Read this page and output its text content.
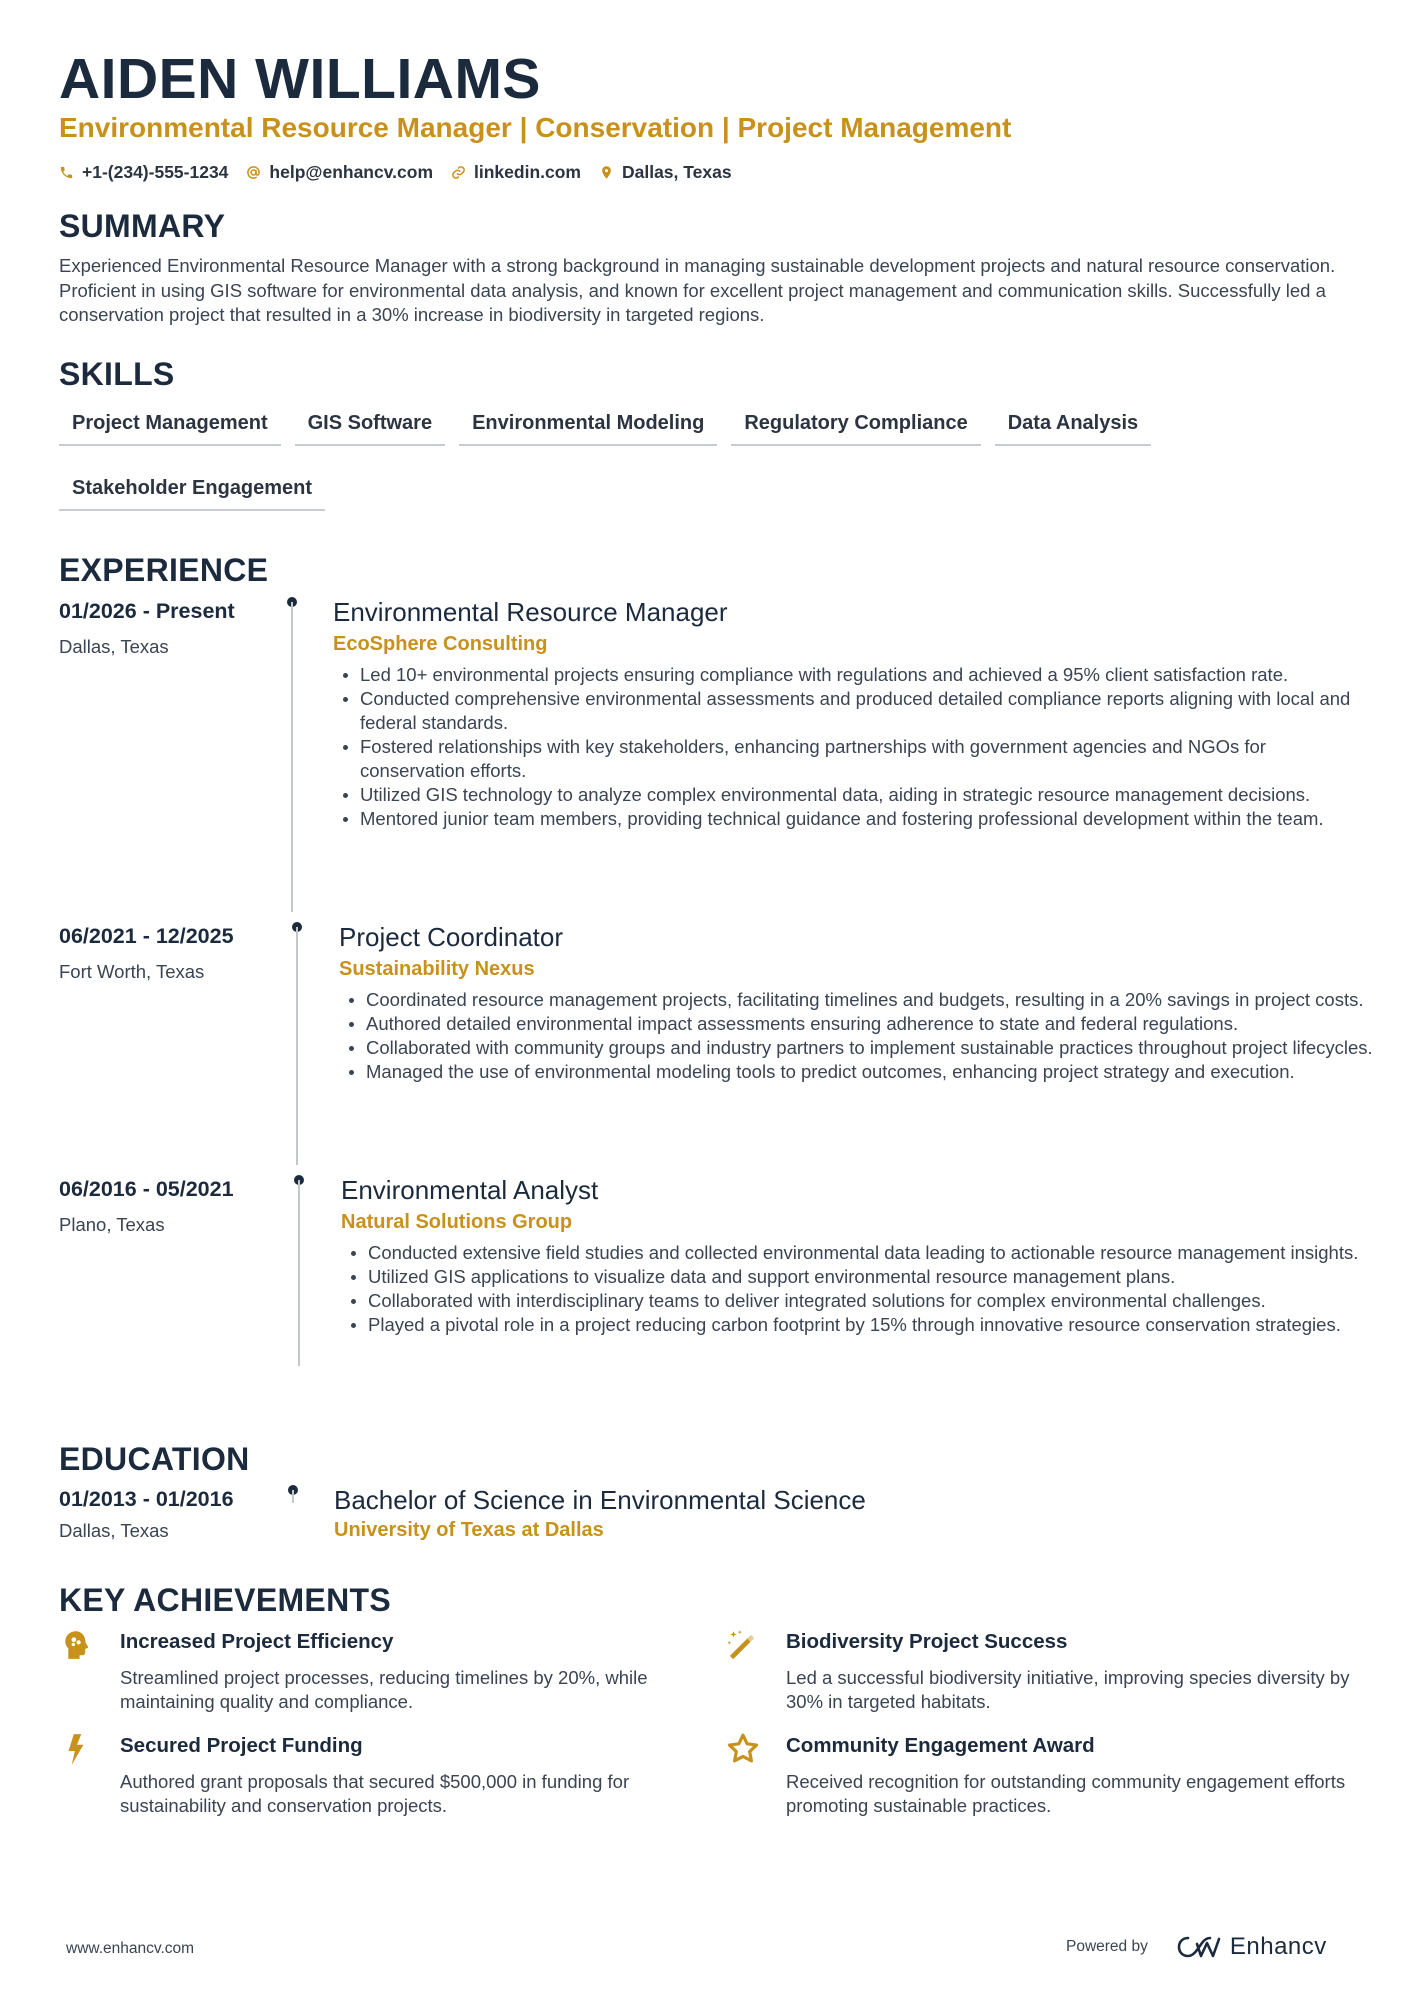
AIDEN WILLIAMS
Environmental Resource Manager | Conservation | Project Management
+1-(234)-555-1234 help@enhancv.com linkedin.com Dallas, Texas
SUMMARY
Experienced Environmental Resource Manager with a strong background in managing sustainable development projects and natural resource conservation. Proficient in using GIS software for environmental data analysis, and known for excellent project management and communication skills. Successfully led a conservation project that resulted in a 30% increase in biodiversity in targeted regions.
SKILLS
Project Management	GIS Software	Environmental Modeling	Regulatory Compliance	Data Analysis
Stakeholder Engagement
EXPERIENCE
01/2026 - Present
Dallas, Texas
Environmental Resource Manager
EcoSphere Consulting
Led 10+ environmental projects ensuring compliance with regulations and achieved a 95% client satisfaction rate.
Conducted comprehensive environmental assessments and produced detailed compliance reports aligning with local and federal standards.
Fostered relationships with key stakeholders, enhancing partnerships with government agencies and NGOs for conservation efforts.
Utilized GIS technology to analyze complex environmental data, aiding in strategic resource management decisions.
Mentored junior team members, providing technical guidance and fostering professional development within the team.
06/2021 - 12/2025
Fort Worth, Texas
Project Coordinator
Sustainability Nexus
Coordinated resource management projects, facilitating timelines and budgets, resulting in a 20% savings in project costs.
Authored detailed environmental impact assessments ensuring adherence to state and federal regulations.
Collaborated with community groups and industry partners to implement sustainable practices throughout project lifecycles.
Managed the use of environmental modeling tools to predict outcomes, enhancing project strategy and execution.
06/2016 - 05/2021
Plano, Texas
Environmental Analyst
Natural Solutions Group
Conducted extensive field studies and collected environmental data leading to actionable resource management insights.
Utilized GIS applications to visualize data and support environmental resource management plans.
Collaborated with interdisciplinary teams to deliver integrated solutions for complex environmental challenges.
Played a pivotal role in a project reducing carbon footprint by 15% through innovative resource conservation strategies.
EDUCATION
01/2013 - 01/2016
Dallas, Texas
Bachelor of Science in Environmental Science
University of Texas at Dallas
KEY ACHIEVEMENTS
Increased Project Efficiency
Streamlined project processes, reducing timelines by 20%, while maintaining quality and compliance.
Biodiversity Project Success
Led a successful biodiversity initiative, improving species diversity by 30% in targeted habitats.
Secured Project Funding
Authored grant proposals that secured $500,000 in funding for sustainability and conservation projects.
Community Engagement Award
Received recognition for outstanding community engagement efforts promoting sustainable practices.
www.enhancv.com	Powered by	Enhancv
